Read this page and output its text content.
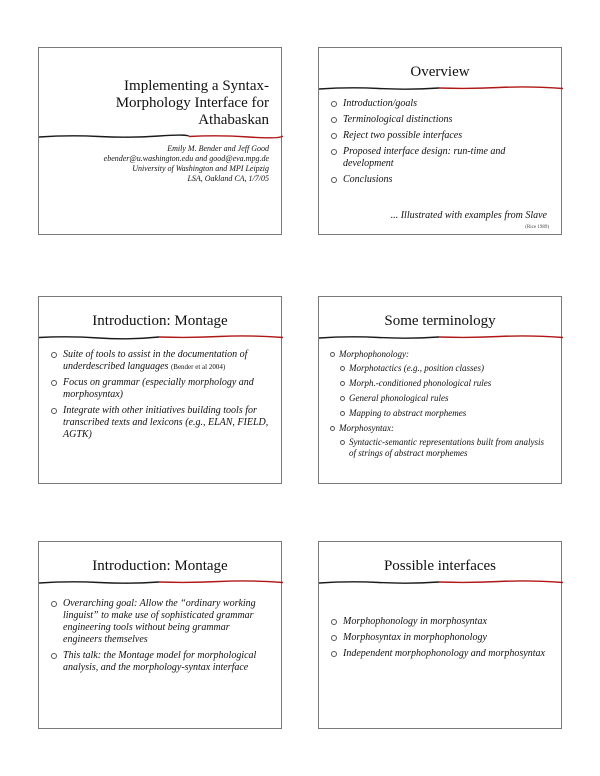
Implementing a Syntax-
Morphology Interface for
Athabaskan
Emily M. Bender and Jeff Good
ebender@u.washington.edu and good@eva.mpg.de
University of Washington and MPI Leipzig
LSA, Oakland CA, 1/7/05
Overview
Introduction/goals
Terminological distinctions
Reject two possible interfaces
Proposed interface design: run-time and development
Conclusions
... Illustrated with examples from Slave
(Rice 1989)
Introduction: Montage
Suite of tools to assist in the documentation of underdescribed languages (Bender et al 2004)
Focus on grammar (especially morphology and morphosyntax)
Integrate with other initiatives building tools for transcribed texts and lexicons (e.g., ELAN, FIELD, AGTK)
Some terminology
Morphophonology:
Morphotactics (e.g., position classes)
Morph.-conditioned phonological rules
General phonological rules
Mapping to abstract morphemes
Morphosyntax:
Syntactic-semantic representations built from analysis of strings of abstract morphemes
Introduction: Montage
Overarching goal: Allow the “ordinary working linguist” to make use of sophisticated grammar engineering tools without being grammar engineers themselves
This talk: the Montage model for morphological analysis, and the morphology-syntax interface
Possible interfaces
Morphophonology in morphosyntax
Morphosyntax in morphophonology
Independent morphophonology and morphosyntax
